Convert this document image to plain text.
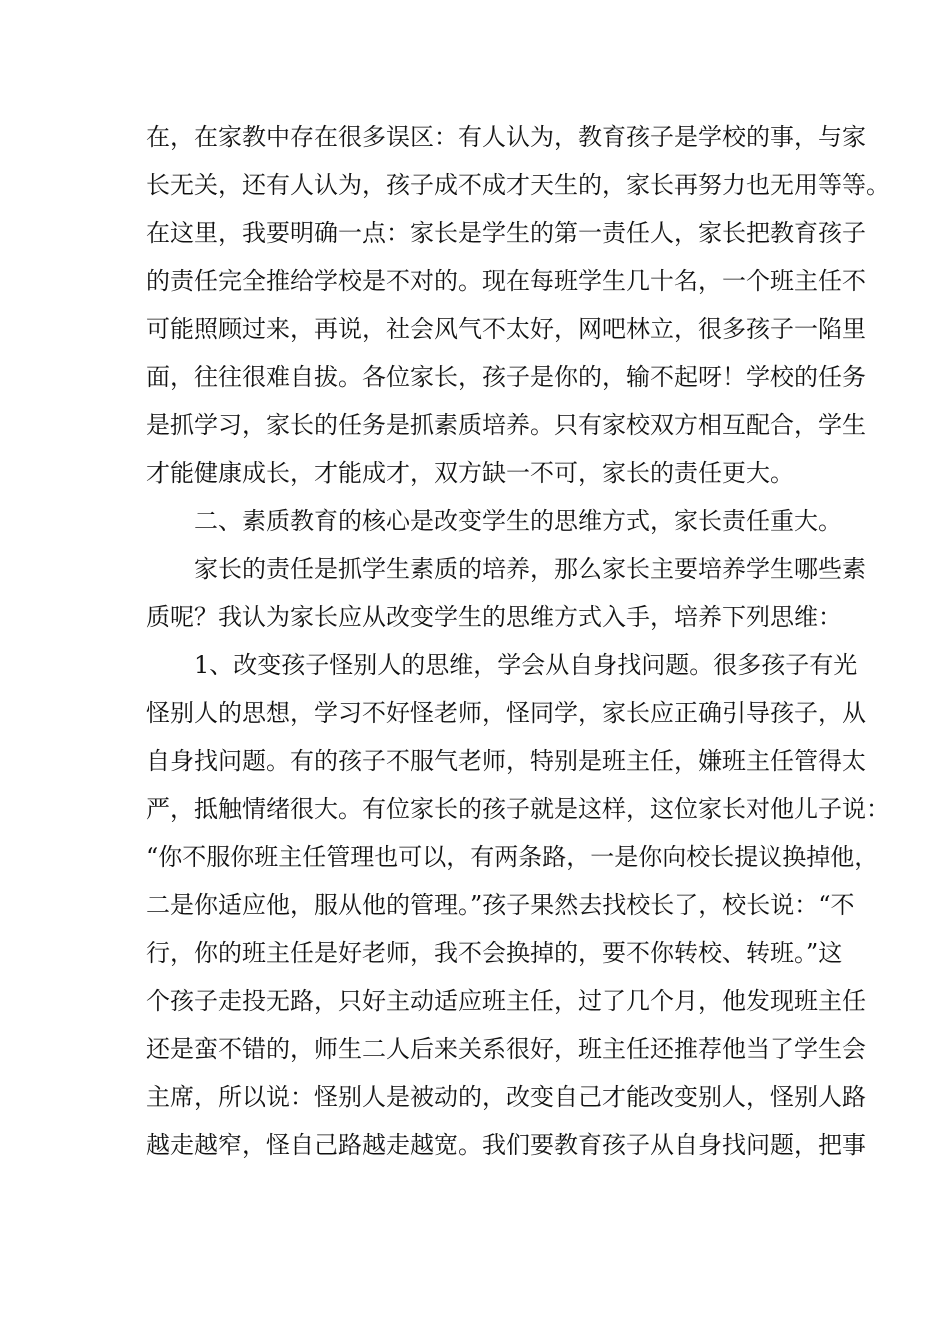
在，在家教中存在很多误区：有人认为，教育孩子是学校的事，与家
长无关，还有人认为，孩子成不成才天生的，家长再努力也无用等等。
在这里，我要明确一点：家长是学生的第一责任人，家长把教育孩子
的责任完全推给学校是不对的。现在每班学生几十名，一个班主任不
可能照顾过来，再说，社会风气不太好，网吧林立，很多孩子一陷里
面，往往很难自拔。各位家长，孩子是你的，输不起呀！学校的任务
是抓学习，家长的任务是抓素质培养。只有家校双方相互配合，学生
才能健康成长，才能成才，双方缺一不可，家长的责任更大。
二、素质教育的核心是改变学生的思维方式，家长责任重大。
家长的责任是抓学生素质的培养，那么家长主要培养学生哪些素
质呢？我认为家长应从改变学生的思维方式入手，培养下列思维：
1、改变孩子怪别人的思维，学会从自身找问题。很多孩子有光
怪别人的思想，学习不好怪老师，怪同学，家长应正确引导孩子，从
自身找问题。有的孩子不服气老师，特别是班主任，嫌班主任管得太
严，抵触情绪很大。有位家长的孩子就是这样，这位家长对他儿子说：
“你不服你班主任管理也可以，有两条路，一是你向校长提议换掉他，
二是你适应他，服从他的管理。”孩子果然去找校长了，校长说：“不
行，你的班主任是好老师，我不会换掉的，要不你转校、转班。”这
个孩子走投无路，只好主动适应班主任，过了几个月，他发现班主任
还是蛮不错的，师生二人后来关系很好，班主任还推荐他当了学生会
主席，所以说：怪别人是被动的，改变自己才能改变别人，怪别人路
越走越窄，怪自己路越走越宽。我们要教育孩子从自身找问题，把事
